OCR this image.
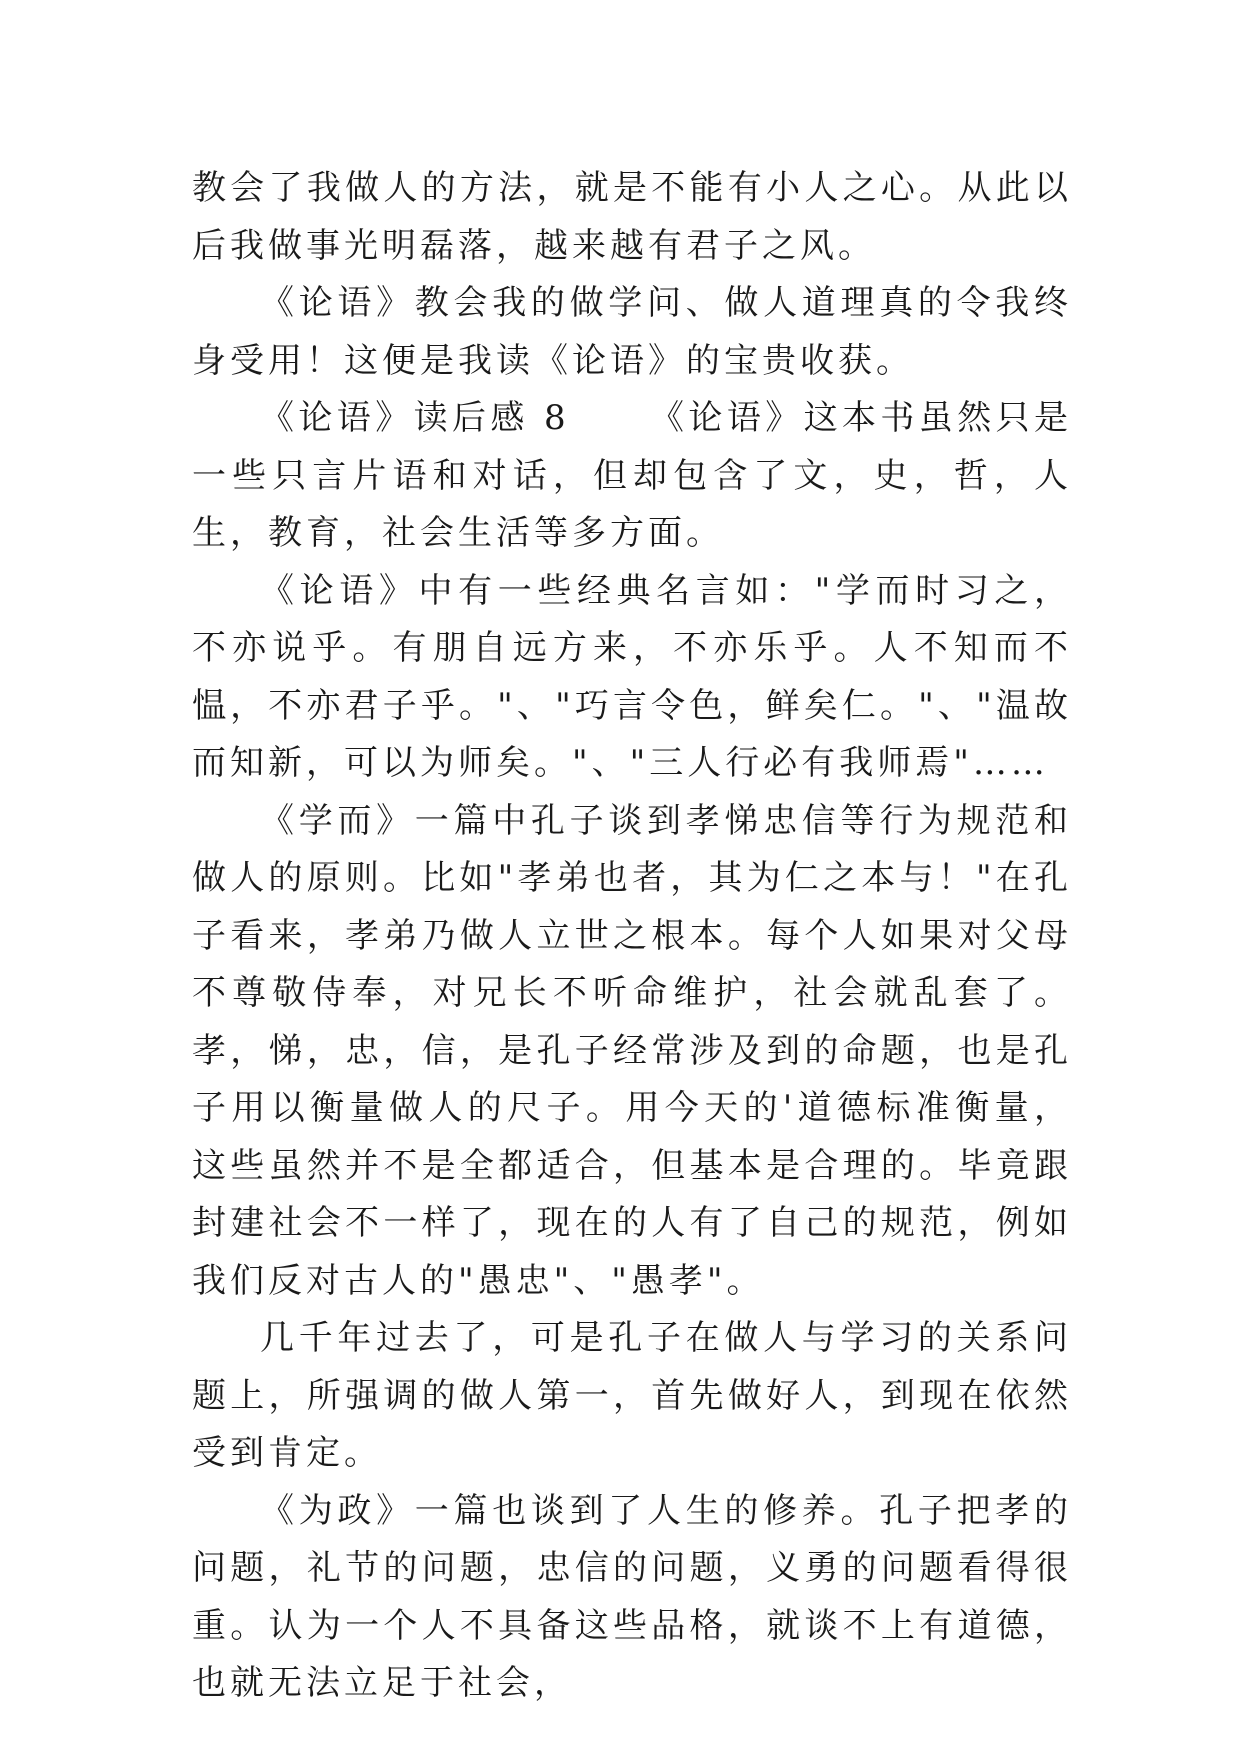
教会了我做人的方法，就是不能有小人之心。从此以后我做事光明磊落，越来越有君子之风。

《论语》教会我的做学问、做人道理真的令我终身受用！这便是我读《论语》的宝贵收获。

《论语》读后感 8 《论语》这本书虽然只是一些只言片语和对话，但却包含了文，史，哲，人生，教育，社会生活等多方面。

《论语》中有一些经典名言如："学而时习之，不亦说乎。有朋自远方来，不亦乐乎。人不知而不愠，不亦君子乎。"、"巧言令色，鲜矣仁。"、"温故而知新，可以为师矣。"、"三人行必有我师焉"……

《学而》一篇中孔子谈到孝悌忠信等行为规范和做人的原则。比如"孝弟也者，其为仁之本与！"在孔子看来，孝弟乃做人立世之根本。每个人如果对父母不尊敬侍奉，对兄长不听命维护，社会就乱套了。孝，悌，忠，信，是孔子经常涉及到的命题，也是孔子用以衡量做人的尺子。用今天的'道德标准衡量，这些虽然并不是全都适合，但基本是合理的。毕竟跟封建社会不一样了，现在的人有了自己的规范，例如我们反对古人的"愚忠"、"愚孝"。

几千年过去了，可是孔子在做人与学习的关系问题上，所强调的做人第一，首先做好人，到现在依然受到肯定。

《为政》一篇也谈到了人生的修养。孔子把孝的问题，礼节的问题，忠信的问题，义勇的问题看得很重。认为一个人不具备这些品格，就谈不上有道德，也就无法立足于社会，
